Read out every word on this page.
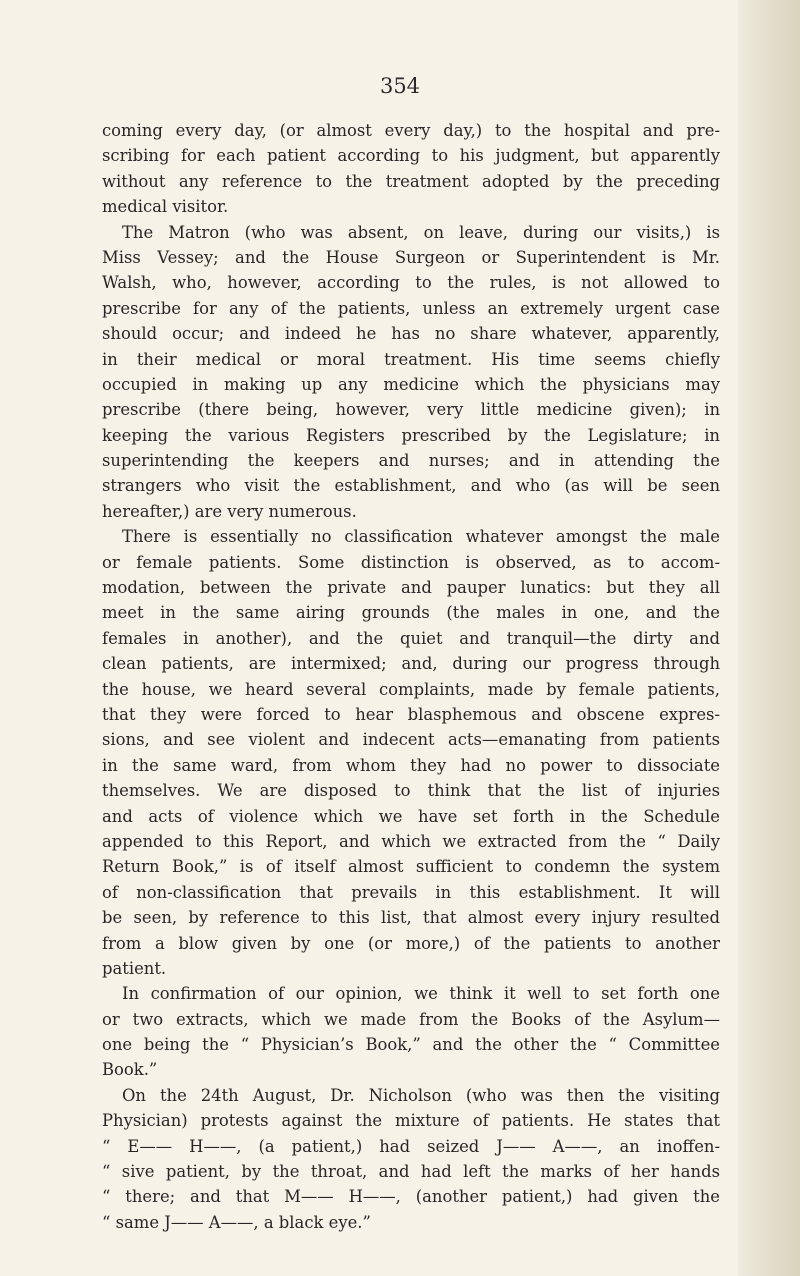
354
coming every day, (or almost every day,) to the hospital and pre-
scribing for each patient according to his judgment, but apparently
without any reference to the treatment adopted by the preceding
medical visitor.
The Matron (who was absent, on leave, during our visits,) is
Miss Vessey; and the House Surgeon or Superintendent is Mr.
Walsh, who, however, according to the rules, is not allowed to
prescribe for any of the patients, unless an extremely urgent case
should occur; and indeed he has no share whatever, apparently,
in their medical or moral treatment. His time seems chiefly
occupied in making up any medicine which the physicians may
prescribe (there being, however, very little medicine given); in
keeping the various Registers prescribed by the Legislature; in
superintending the keepers and nurses; and in attending the
strangers who visit the establishment, and who (as will be seen
hereafter,) are very numerous.
There is essentially no classification whatever amongst the male
or female patients. Some distinction is observed, as to accom-
modation, between the private and pauper lunatics: but they all
meet in the same airing grounds (the males in one, and the
females in another), and the quiet and tranquil—the dirty and
clean patients, are intermixed; and, during our progress through
the house, we heard several complaints, made by female patients,
that they were forced to hear blasphemous and obscene expres-
sions, and see violent and indecent acts—emanating from patients
in the same ward, from whom they had no power to dissociate
themselves. We are disposed to think that the list of injuries
and acts of violence which we have set forth in the Schedule
appended to this Report, and which we extracted from the “ Daily
Return Book,” is of itself almost sufficient to condemn the system
of non-classification that prevails in this establishment. It will
be seen, by reference to this list, that almost every injury resulted
from a blow given by one (or more,) of the patients to another
patient.
In confirmation of our opinion, we think it well to set forth one
or two extracts, which we made from the Books of the Asylum—
one being the “ Physician’s Book,” and the other the “ Committee
Book.”
On the 24th August, Dr. Nicholson (who was then the visiting
Physician) protests against the mixture of patients. He states that
“ E—— H——, (a patient,) had seized J—— A——, an inoffen-
“ sive patient, by the throat, and had left the marks of her hands
“ there; and that M—— H——, (another patient,) had given the
“ same J—— A——, a black eye.”
